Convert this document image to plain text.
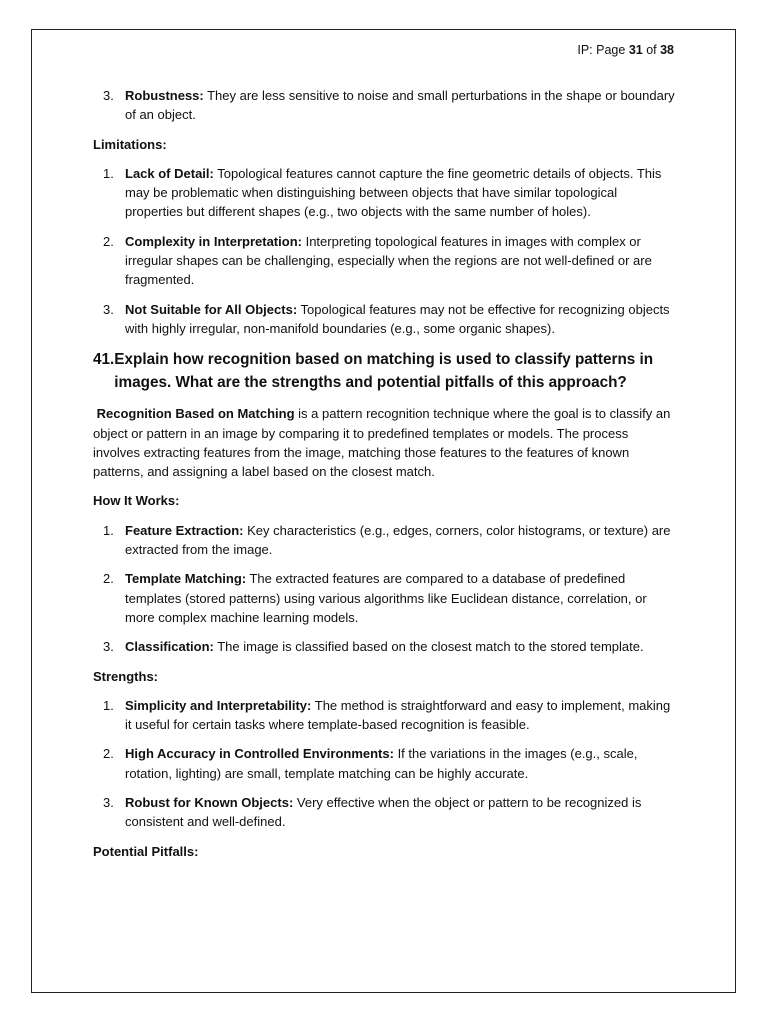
IP: Page 31 of 38
3. Robustness: They are less sensitive to noise and small perturbations in the shape or boundary of an object.
Limitations:
1. Lack of Detail: Topological features cannot capture the fine geometric details of objects. This may be problematic when distinguishing between objects that have similar topological properties but different shapes (e.g., two objects with the same number of holes).
2. Complexity in Interpretation: Interpreting topological features in images with complex or irregular shapes can be challenging, especially when the regions are not well-defined or are fragmented.
3. Not Suitable for All Objects: Topological features may not be effective for recognizing objects with highly irregular, non-manifold boundaries (e.g., some organic shapes).
41. Explain how recognition based on matching is used to classify patterns in images. What are the strengths and potential pitfalls of this approach?
Recognition Based on Matching is a pattern recognition technique where the goal is to classify an object or pattern in an image by comparing it to predefined templates or models. The process involves extracting features from the image, matching those features to the features of known patterns, and assigning a label based on the closest match.
How It Works:
1. Feature Extraction: Key characteristics (e.g., edges, corners, color histograms, or texture) are extracted from the image.
2. Template Matching: The extracted features are compared to a database of predefined templates (stored patterns) using various algorithms like Euclidean distance, correlation, or more complex machine learning models.
3. Classification: The image is classified based on the closest match to the stored template.
Strengths:
1. Simplicity and Interpretability: The method is straightforward and easy to implement, making it useful for certain tasks where template-based recognition is feasible.
2. High Accuracy in Controlled Environments: If the variations in the images (e.g., scale, rotation, lighting) are small, template matching can be highly accurate.
3. Robust for Known Objects: Very effective when the object or pattern to be recognized is consistent and well-defined.
Potential Pitfalls:
